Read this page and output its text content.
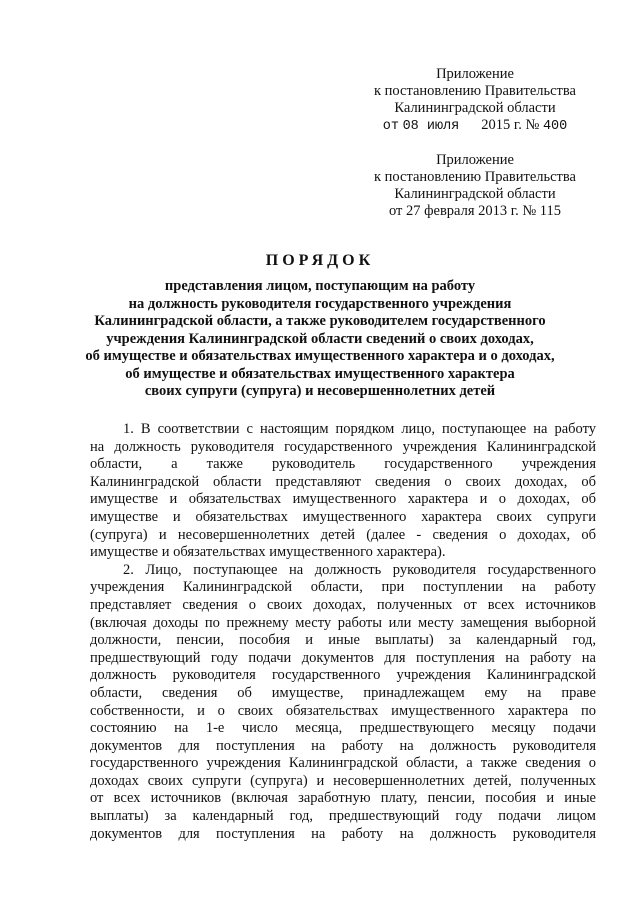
Приложение
к постановлению Правительства
Калининградской области
от 08 июля 2015 г. № 400
Приложение
к постановлению Правительства
Калининградской области
от 27 февраля 2013 г. № 115
ПОРЯДОК
представления лицом, поступающим на работу
на должность руководителя государственного учреждения
Калининградской области, а также руководителем государственного
учреждения Калининградской области сведений о своих доходах,
об имуществе и обязательствах имущественного характера и о доходах,
об имуществе и обязательствах имущественного характера
своих супруги (супруга) и несовершеннолетних детей

1. В соответствии с настоящим порядком лицо, поступающее на работу
на должность руководителя государственного учреждения Калининградской
области, а также руководитель государственного учреждения
Калининградской области представляют сведения о своих доходах, об
имуществе и обязательствах имущественного характера и о доходах, об
имуществе и обязательствах имущественного характера своих супруги
(супруга) и несовершеннолетних детей (далее - сведения о доходах, об
имуществе и обязательствах имущественного характера).

2. Лицо, поступающее на должность руководителя государственного
учреждения Калининградской области, при поступлении на работу
представляет сведения о своих доходах, полученных от всех источников
(включая доходы по прежнему месту работы или месту замещения выборной
должности, пенсии, пособия и иные выплаты) за календарный год,
предшествующий году подачи документов для поступления на работу на
должность руководителя государственного учреждения Калининградской
области, сведения об имуществе, принадлежащем ему на праве
собственности, и о своих обязательствах имущественного характера по
состоянию на 1-е число месяца, предшествующего месяцу подачи
документов для поступления на работу на должность руководителя
государственного учреждения Калининградской области, а также сведения о
доходах своих супруги (супруга) и несовершеннолетних детей, полученных
от всех источников (включая заработную плату, пенсии, пособия и иные
выплаты) за календарный год, предшествующий году подачи лицом
документов для поступления на работу на должность руководителя
